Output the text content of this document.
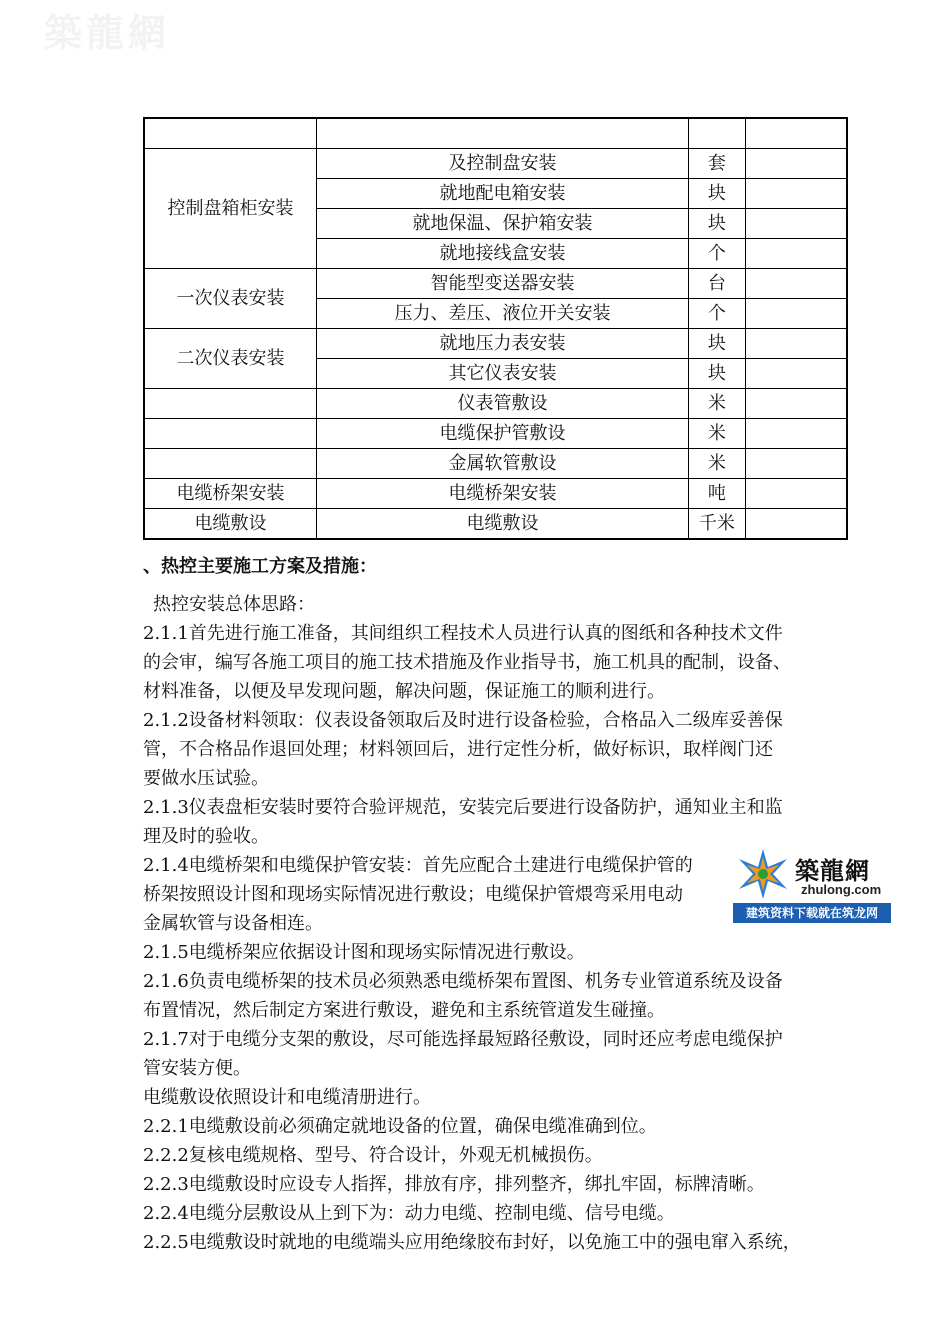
築龍網

控制盘箱柜安装	及控制盘安装	套	
	就地配电箱安装	块	
	就地保温、保护箱安装	块	
	就地接线盒安装	个	
一次仪表安装	智能型变送器安装	台	
	压力、差压、液位开关安装	个	
二次仪表安装	就地压力表安装	块	
	其它仪表安装	块	
	仪表管敷设	米	
	电缆保护管敷设	米	
	金属软管敷设	米	
电缆桥架安装	电缆桥架安装	吨	
电缆敷设	电缆敷设	千米	
、热控主要施工方案及措施：

热控安装总体思路：

2.1.1首先进行施工准备，其间组织工程技术人员进行认真的图纸和各种技术文件

的会审，编写各施工项目的施工技术措施及作业指导书，施工机具的配制，设备、

材料准备，以便及早发现问题，解决问题，保证施工的顺利进行。

2.1.2设备材料领取：仪表设备领取后及时进行设备检验，合格品入二级库妥善保

管，不合格品作退回处理；材料领回后，进行定性分析，做好标识，取样阀门还

要做水压试验。

2.1.3仪表盘柜安装时要符合验评规范，安装完后要进行设备防护，通知业主和监

理及时的验收。

2.1.4电缆桥架和电缆保护管安装：首先应配合土建进行电缆保护管的

桥架按照设计图和现场实际情况进行敷设；电缆保护管煨弯采用电动

金属软管与设备相连。

2.1.5电缆桥架应依据设计图和现场实际情况进行敷设。

2.1.6负责电缆桥架的技术员必须熟悉电缆桥架布置图、机务专业管道系统及设备

布置情况，然后制定方案进行敷设，避免和主系统管道发生碰撞。

2.1.7对于电缆分支架的敷设，尽可能选择最短路径敷设，同时还应考虑电缆保护

管安装方便。

电缆敷设依照设计和电缆清册进行。

2.2.1电缆敷设前必须确定就地设备的位置，确保电缆准确到位。

2.2.2复核电缆规格、型号、符合设计，外观无机械损伤。

2.2.3电缆敷设时应设专人指挥，排放有序，排列整齐，绑扎牢固，标牌清晰。

2.2.4电缆分层敷设从上到下为：动力电缆、控制电缆、信号电缆。

2.2.5电缆敷设时就地的电缆端头应用绝缘胶布封好，以免施工中的强电窜入系统，

築龍網
zhulong.com
建筑资料下载就在筑龙网
